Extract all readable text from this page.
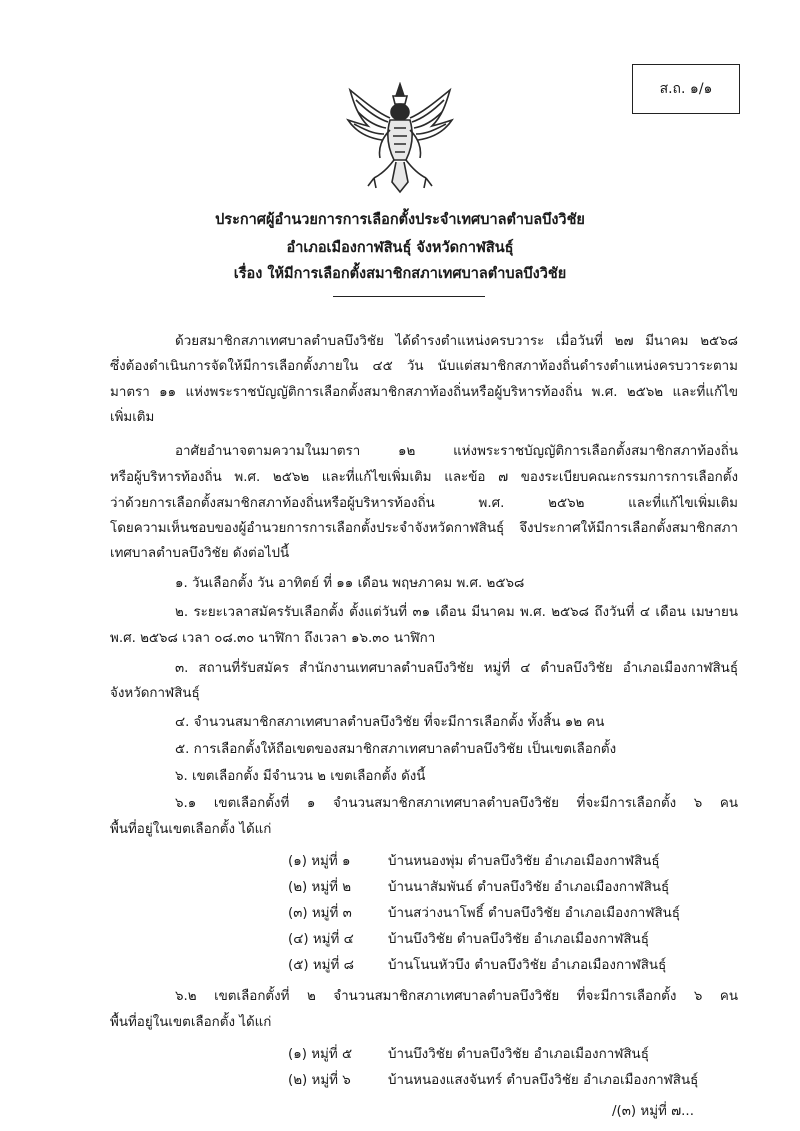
ส.ถ. ๑/๑
ประกาศผู้อำนวยการการเลือกตั้งประจำเทศบาลตำบลบึงวิชัย
อำเภอเมืองกาฬสินธุ์ จังหวัดกาฬสินธุ์
เรื่อง ให้มีการเลือกตั้งสมาชิกสภาเทศบาลตำบลบึงวิชัย
ด้วยสมาชิกสภาเทศบาลตำบลบึงวิชัย ได้ดำรงตำแหน่งครบวาระ เมื่อวันที่ ๒๗ มีนาคม ๒๕๖๘
ซึ่งต้องดำเนินการจัดให้มีการเลือกตั้งภายใน ๔๕ วัน นับแต่สมาชิกสภาท้องถิ่นดำรงตำแหน่งครบวาระตาม
มาตรา ๑๑ แห่งพระราชบัญญัติการเลือกตั้งสมาชิกสภาท้องถิ่นหรือผู้บริหารท้องถิ่น พ.ศ. ๒๕๖๒ และที่แก้ไข
เพิ่มเติม
อาศัยอำนาจตามความในมาตรา ๑๒ แห่งพระราชบัญญัติการเลือกตั้งสมาชิกสภาท้องถิ่น
หรือผู้บริหารท้องถิ่น พ.ศ. ๒๕๖๒ และที่แก้ไขเพิ่มเติม และข้อ ๗ ของระเบียบคณะกรรมการการเลือกตั้ง
ว่าด้วยการเลือกตั้งสมาชิกสภาท้องถิ่นหรือผู้บริหารท้องถิ่น พ.ศ. ๒๕๖๒ และที่แก้ไขเพิ่มเติม
โดยความเห็นชอบของผู้อำนวยการการเลือกตั้งประจำจังหวัดกาฬสินธุ์ จึงประกาศให้มีการเลือกตั้งสมาชิกสภา
เทศบาลตำบลบึงวิชัย ดังต่อไปนี้
๑. วันเลือกตั้ง วัน อาทิตย์ ที่ ๑๑ เดือน พฤษภาคม พ.ศ. ๒๕๖๘
๒. ระยะเวลาสมัครรับเลือกตั้ง ตั้งแต่วันที่ ๓๑ เดือน มีนาคม พ.ศ. ๒๕๖๘ ถึงวันที่ ๔ เดือน เมษายน
พ.ศ. ๒๕๖๘ เวลา ๐๘.๓๐ นาฬิกา ถึงเวลา ๑๖.๓๐ นาฬิกา
๓. สถานที่รับสมัคร สำนักงานเทศบาลตำบลบึงวิชัย หมู่ที่ ๔ ตำบลบึงวิชัย อำเภอเมืองกาฬสินธุ์
จังหวัดกาฬสินธุ์
๔. จำนวนสมาชิกสภาเทศบาลตำบลบึงวิชัย ที่จะมีการเลือกตั้ง ทั้งสิ้น ๑๒ คน
๕. การเลือกตั้งให้ถือเขตของสมาชิกสภาเทศบาลตำบลบึงวิชัย เป็นเขตเลือกตั้ง
๖. เขตเลือกตั้ง มีจำนวน ๒ เขตเลือกตั้ง ดังนี้
๖.๑ เขตเลือกตั้งที่ ๑ จำนวนสมาชิกสภาเทศบาลตำบลบึงวิชัย ที่จะมีการเลือกตั้ง ๖ คน
พื้นที่อยู่ในเขตเลือกตั้ง ได้แก่
(๑) หมู่ที่ ๑	บ้านหนองพุ่ม ตำบลบึงวิชัย อำเภอเมืองกาฬสินธุ์
(๒) หมู่ที่ ๒	บ้านนาสัมพันธ์ ตำบลบึงวิชัย อำเภอเมืองกาฬสินธุ์
(๓) หมู่ที่ ๓	บ้านสว่างนาโพธิ์ ตำบลบึงวิชัย อำเภอเมืองกาฬสินธุ์
(๔) หมู่ที่ ๔	บ้านบึงวิชัย ตำบลบึงวิชัย อำเภอเมืองกาฬสินธุ์
(๕) หมู่ที่ ๘	บ้านโนนหัวบึง ตำบลบึงวิชัย อำเภอเมืองกาฬสินธุ์
๖.๒ เขตเลือกตั้งที่ ๒ จำนวนสมาชิกสภาเทศบาลตำบลบึงวิชัย ที่จะมีการเลือกตั้ง ๖ คน
พื้นที่อยู่ในเขตเลือกตั้ง ได้แก่
(๑) หมู่ที่ ๕	บ้านบึงวิชัย ตำบลบึงวิชัย อำเภอเมืองกาฬสินธุ์
(๒) หมู่ที่ ๖	บ้านหนองแสงจันทร์ ตำบลบึงวิชัย อำเภอเมืองกาฬสินธุ์
/(๓) หมู่ที่ ๗...
